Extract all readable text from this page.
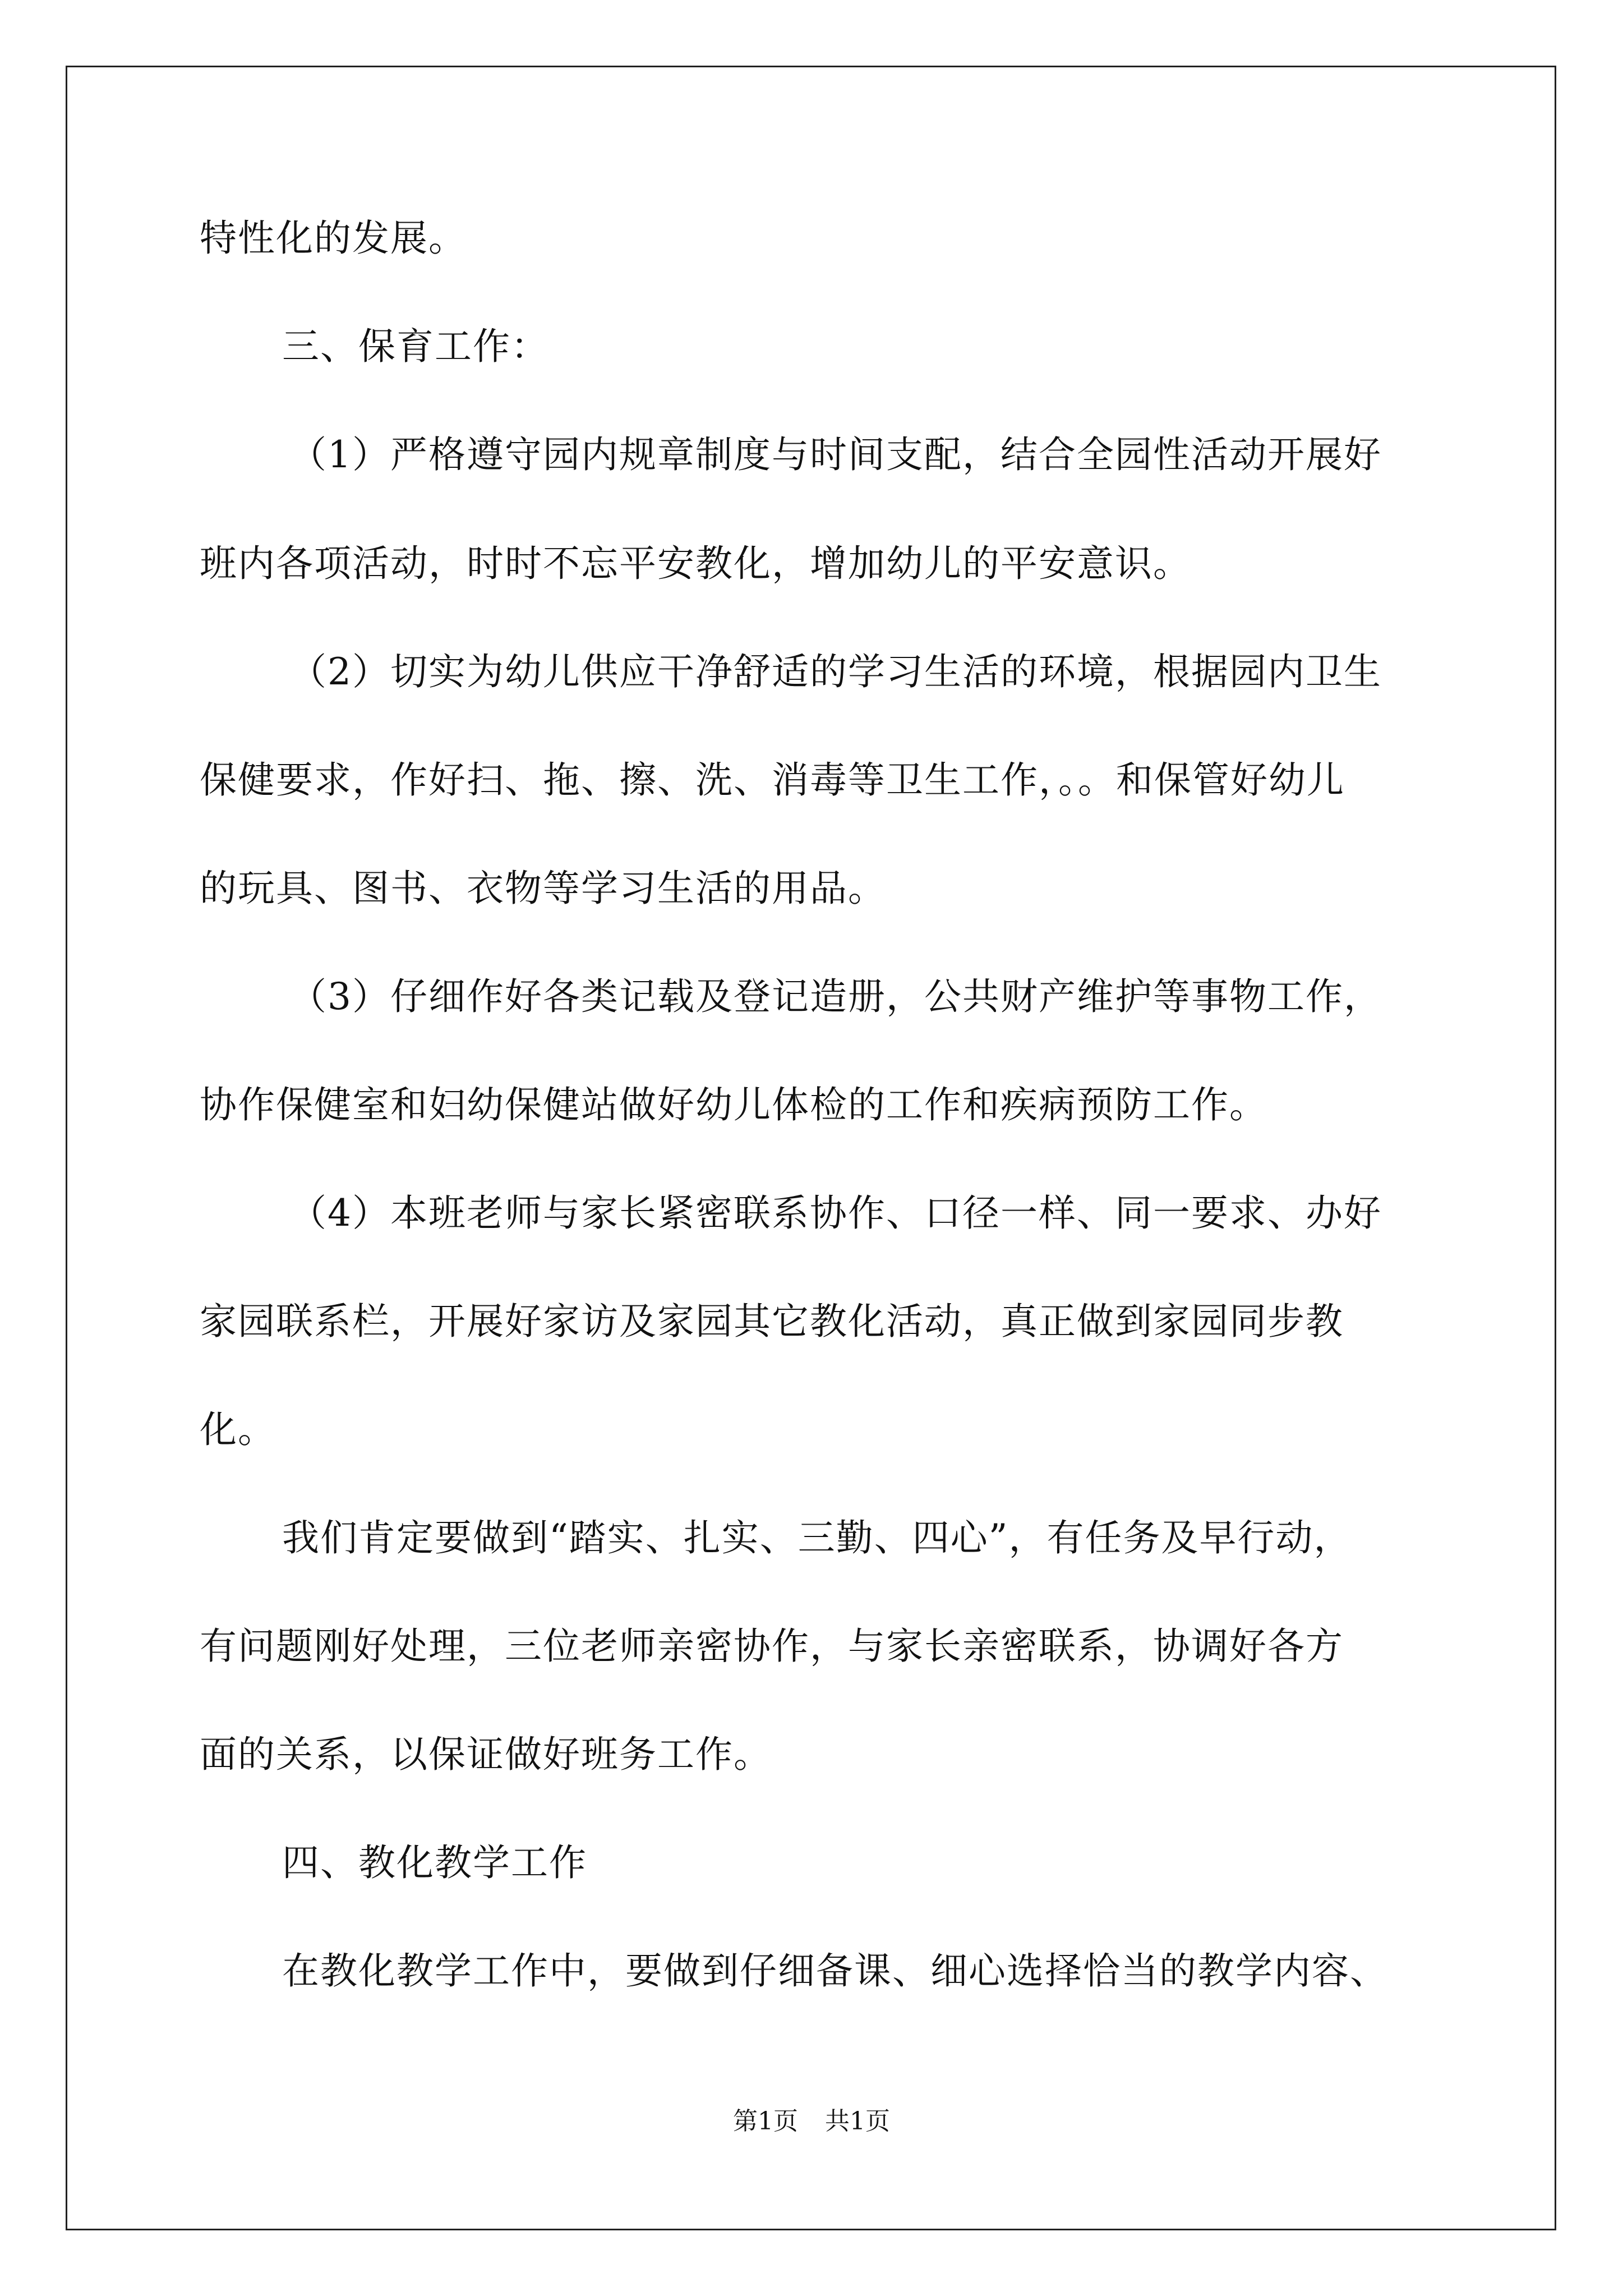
特性化的发展。
三、保育工作：
（1）严格遵守园内规章制度与时间支配，结合全园性活动开展好
班内各项活动，时时不忘平安教化，增加幼儿的平安意识。
（2）切实为幼儿供应干净舒适的学习生活的环境，根据园内卫生
保健要求，作好扫、拖、擦、洗、消毒等卫生工作，。。和保管好幼儿
的玩具、图书、衣物等学习生活的用品。
（3）仔细作好各类记载及登记造册，公共财产维护等事物工作，
协作保健室和妇幼保健站做好幼儿体检的工作和疾病预防工作。
（4）本班老师与家长紧密联系协作、口径一样、同一要求、办好
家园联系栏，开展好家访及家园其它教化活动，真正做到家园同步教
化。
我们肯定要做到“踏实、扎实、三勤、四心”，有任务及早行动，
有问题刚好处理，三位老师亲密协作，与家长亲密联系，协调好各方
面的关系，以保证做好班务工作。
四、教化教学工作
在教化教学工作中，要做到仔细备课、细心选择恰当的教学内容、
第1页 共1页
